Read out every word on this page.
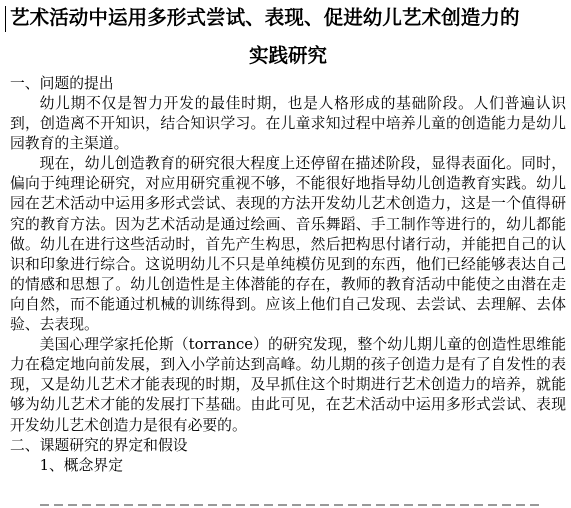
艺术活动中运用多形式尝试、表现、促进幼儿艺术创造力的

实践研究

一、问题的提出

幼儿期不仅是智力开发的最佳时期，也是人格形成的基础阶段。人们普遍认识到，创造离不开知识，结合知识学习。在儿童求知过程中培养儿童的创造能力是幼儿园教育的主渠道。

现在，幼儿创造教育的研究很大程度上还停留在描述阶段，显得表面化。同时，偏向于纯理论研究，对应用研究重视不够，不能很好地指导幼儿创造教育实践。幼儿园在艺术活动中运用多形式尝试、表现的方法开发幼儿艺术创造力，这是一个值得研究的教育方法。因为艺术活动是通过绘画、音乐舞蹈、手工制作等进行的，幼儿都能做。幼儿在进行这些活动时，首先产生构思，然后把构思付诸行动，并能把自己的认识和印象进行综合。这说明幼儿不只是单纯模仿见到的东西，他们已经能够表达自己的情感和思想了。幼儿创造性是主体潜能的存在，教师的教育活动中能使之由潜在走向自然，而不能通过机械的训练得到。应该上他们自己发现、去尝试、去理解、去体验、去表现。

美国心理学家托伦斯（torrance）的研究发现，整个幼儿期儿童的创造性思维能力在稳定地向前发展，到入小学前达到高峰。幼儿期的孩子创造力是有了自发性的表现，又是幼儿艺术才能表现的时期，及早抓住这个时期进行艺术创造力的培养，就能够为幼儿艺术才能的发展打下基础。由此可见，在艺术活动中运用多形式尝试、表现开发幼儿艺术创造力是很有必要的。

二、课题研究的界定和假设

1、概念界定
